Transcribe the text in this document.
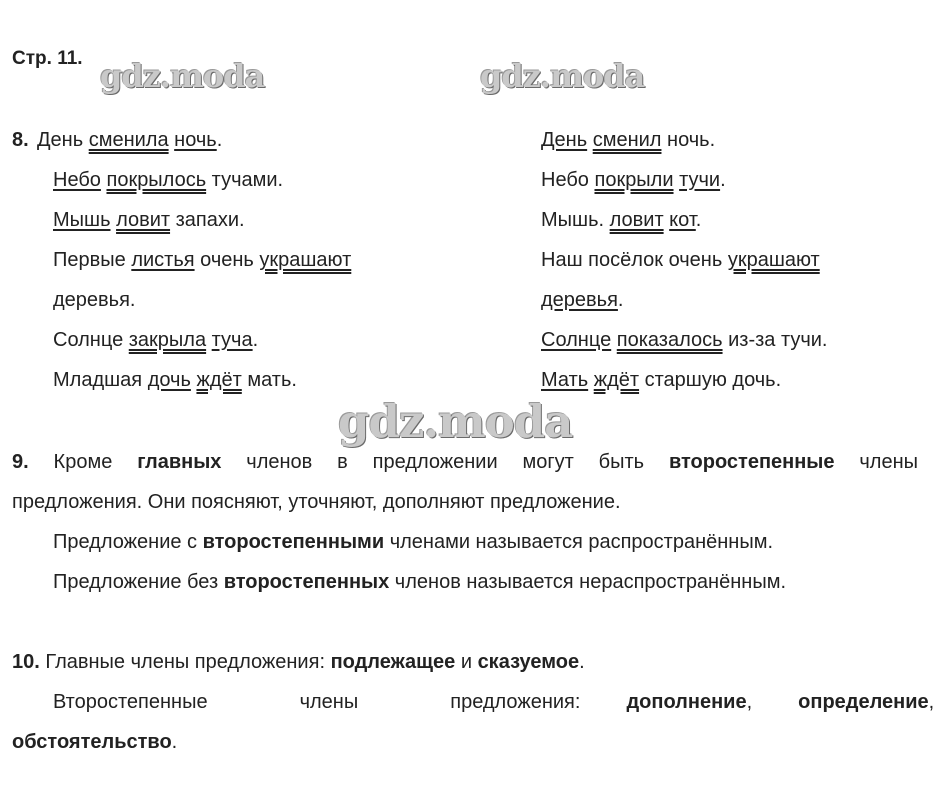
Стр. 11. gdz.moda	gdz.moda
gdz.moda
8. День сменила ночь.
Небо покрылось тучами.
Мышь ловит запахи.
Первые листья очень украшают
деревья.
Солнце закрыла туча.
Младшая дочь ждёт мать.
День сменил ночь.
Небо покрыли тучи.
Мышь. ловит кот.
Наш посёлок очень украшают
деревья.
Солнце показалось из-за тучи.
Мать ждёт старшую дочь.
9. Кроме главных членов в предложении могут быть второстепенные члены
предложения. Они поясняют, уточняют, дополняют предложение.
Предложение с второстепенными членами называется распространённым.
Предложение без второстепенных членов называется нераспространённым.
10. Главные члены предложения: подлежащее и сказуемое.
Второстепенные	члены	предложения: дополнение, определение,
обстоятельство.
